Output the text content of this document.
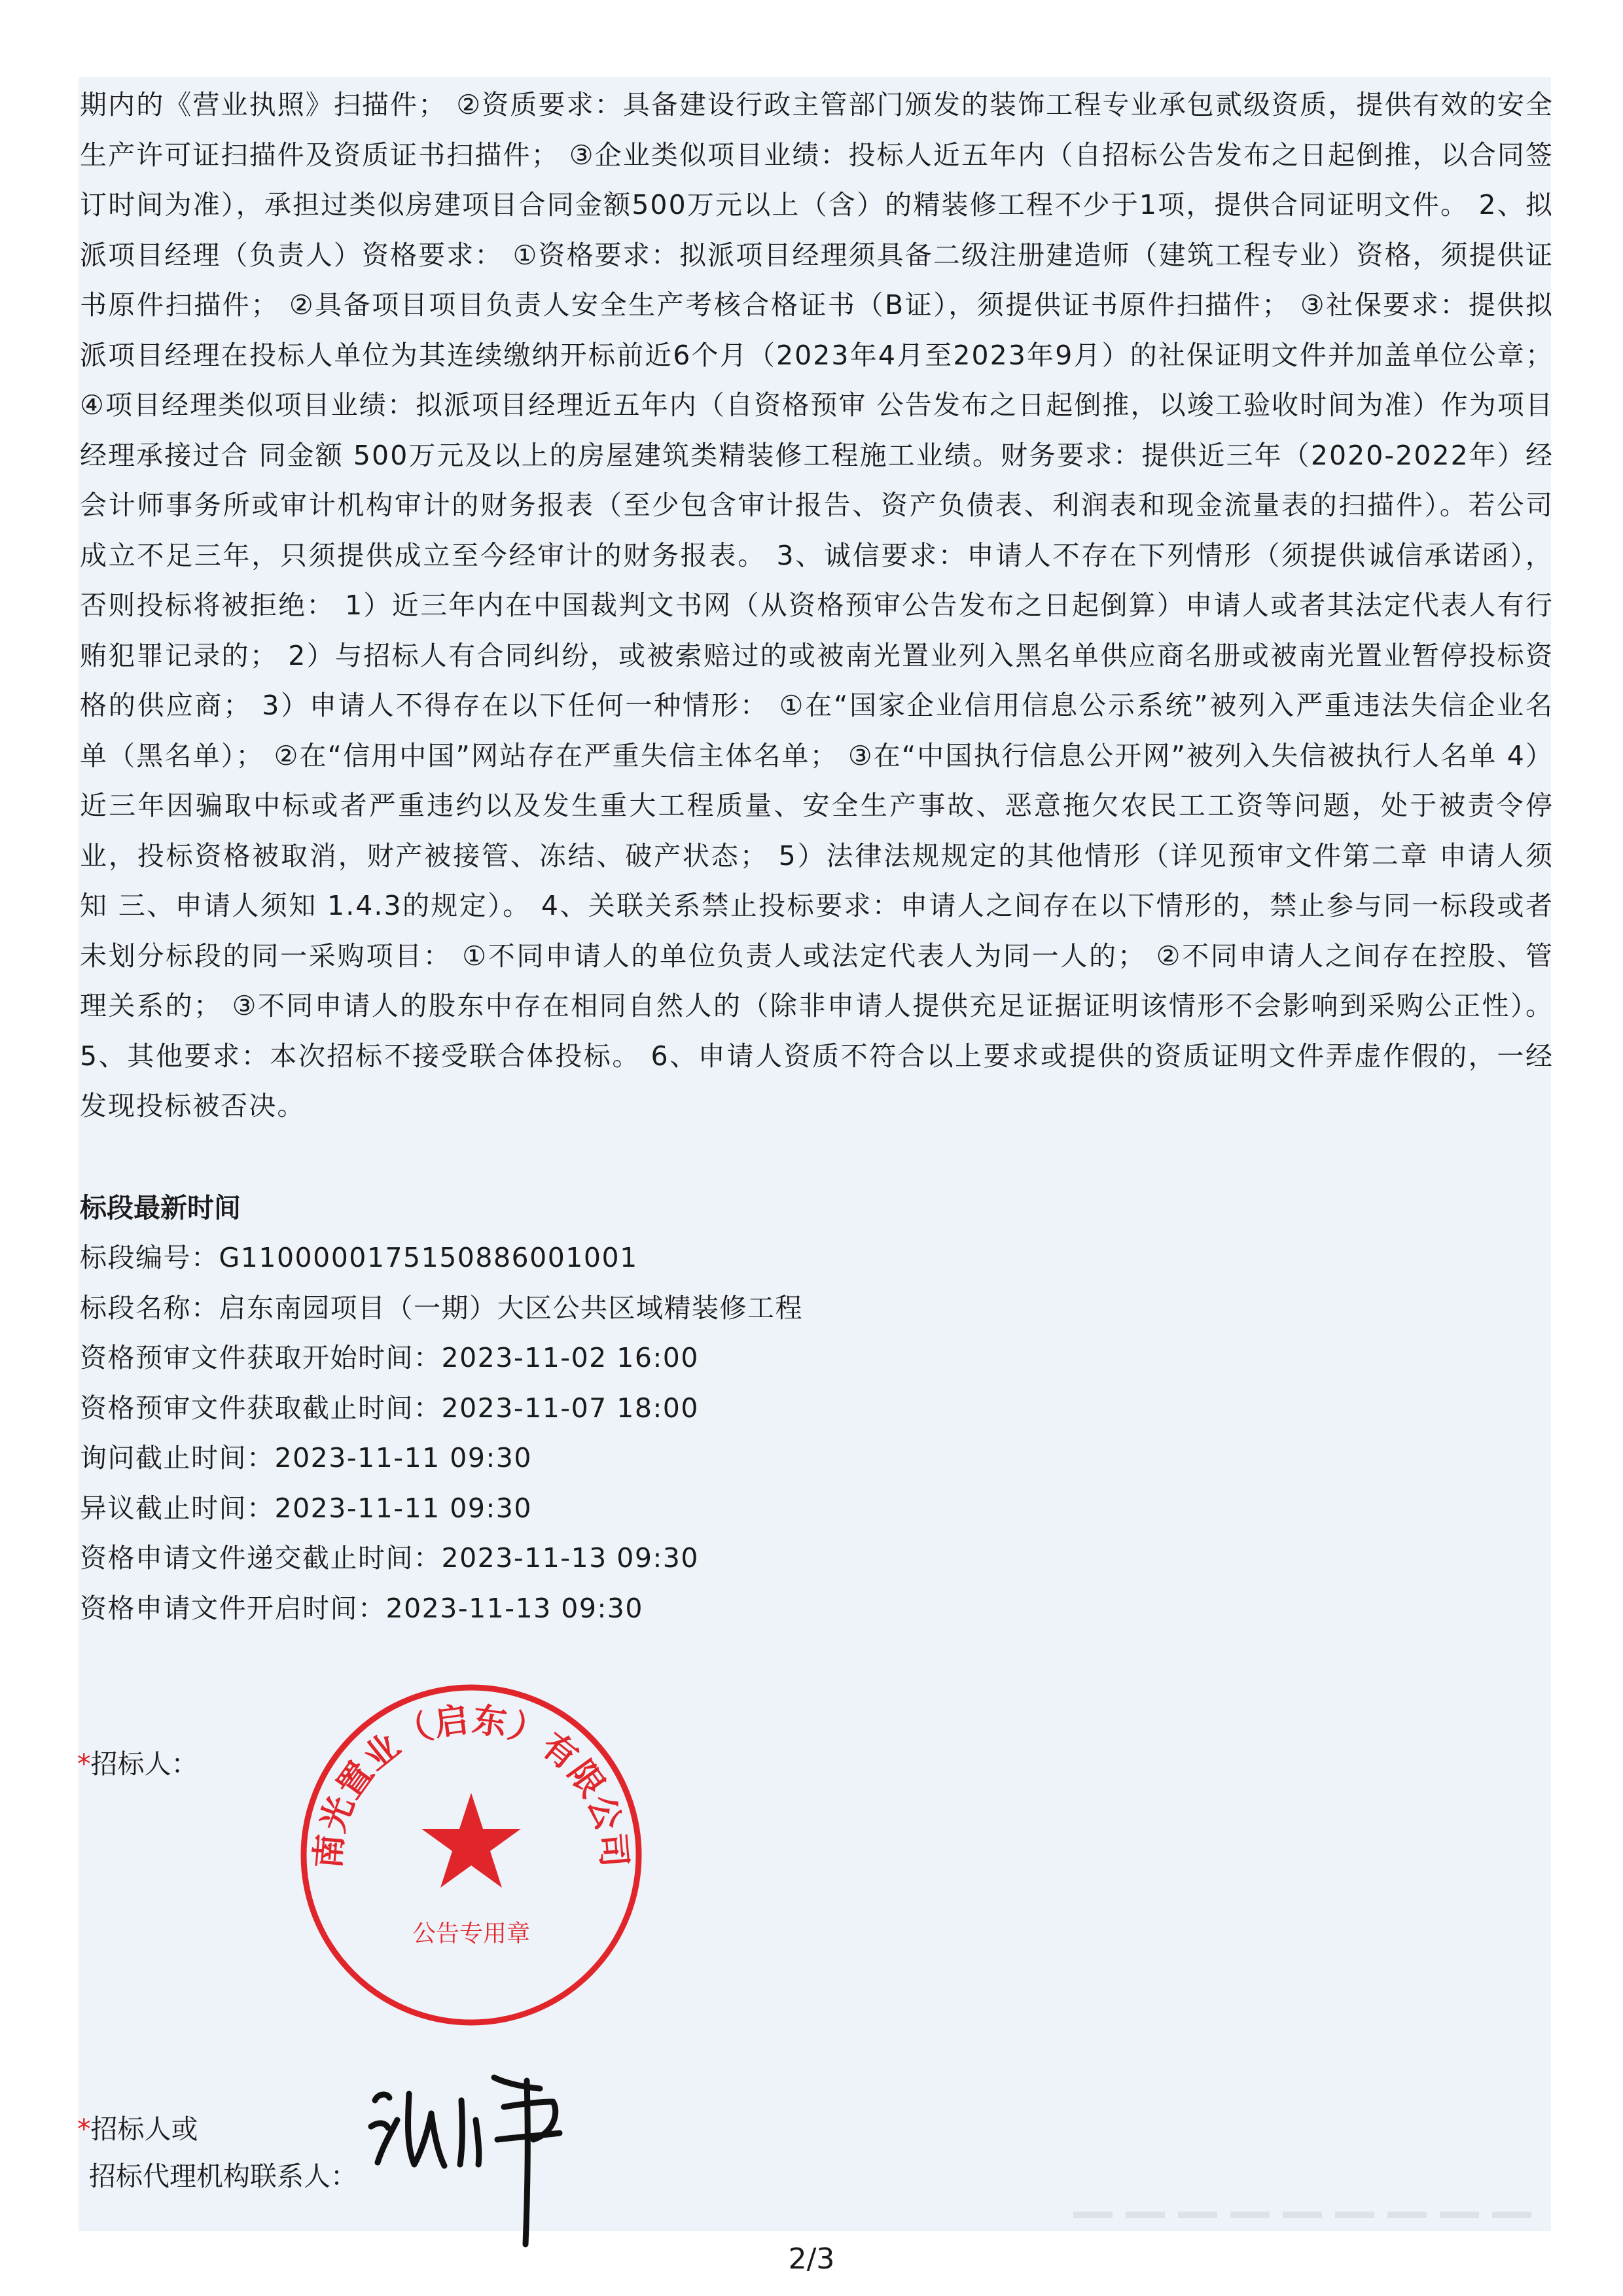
期内的《营业执照》扫描件； ②资质要求：具备建设行政主管部门颁发的装饰工程专业承包贰级资质，提供有效的安全生产许可证扫描件及资质证书扫描件； ③企业类似项目业绩：投标人近五年内（自招标公告发布之日起倒推，以合同签订时间为准），承担过类似房建项目合同金额500万元以上（含）的精装修工程不少于1项，提供合同证明文件。 2、拟派项目经理（负责人）资格要求： ①资格要求：拟派项目经理须具备二级注册建造师（建筑工程专业）资格，须提供证书原件扫描件； ②具备项目项目负责人安全生产考核合格证书（B证），须提供证书原件扫描件； ③社保要求：提供拟派项目经理在投标人单位为其连续缴纳开标前近6个月（2023年4月至2023年9月）的社保证明文件并加盖单位公章； ④项目经理类似项目业绩：拟派项目经理近五年内（自资格预审 公告发布之日起倒推，以竣工验收时间为准）作为项目经理承接过合 同金额 500万元及以上的房屋建筑类精装修工程施工业绩。财务要求：提供近三年（2020-2022年）经会计师事务所或审计机构审计的财务报表（至少包含审计报告、资产负债表、利润表和现金流量表的扫描件）。若公司成立不足三年，只须提供成立至今经审计的财务报表。 3、诚信要求：申请人不存在下列情形（须提供诚信承诺函），否则投标将被拒绝： 1）近三年内在中国裁判文书网（从资格预审公告发布之日起倒算）申请人或者其法定代表人有行贿犯罪记录的； 2）与招标人有合同纠纷，或被索赔过的或被南光置业列入黑名单供应商名册或被南光置业暂停投标资格的供应商； 3）申请人不得存在以下任何一种情形： ①在“国家企业信用信息公示系统”被列入严重违法失信企业名单（黑名单）； ②在“信用中国”网站存在严重失信主体名单； ③在“中国执行信息公开网”被列入失信被执行人名单 4）近三年因骗取中标或者严重违约以及发生重大工程质量、安全生产事故、恶意拖欠农民工工资等问题，处于被责令停业，投标资格被取消，财产被接管、冻结、破产状态； 5）法律法规规定的其他情形（详见预审文件第二章 申请人须知 三、申请人须知 1.4.3的规定）。 4、关联关系禁止投标要求：申请人之间存在以下情形的，禁止参与同一标段或者未划分标段的同一采购项目： ①不同申请人的单位负责人或法定代表人为同一人的； ②不同申请人之间存在控股、管理关系的； ③不同申请人的股东中存在相同自然人的（除非申请人提供充足证据证明该情形不会影响到采购公正性）。 5、其他要求：本次招标不接受联合体投标。 6、申请人资质不符合以上要求或提供的资质证明文件弄虚作假的，一经发现投标被否决。
标段最新时间
标段编号：G1100000175150886001001
标段名称：启东南园项目（一期）大区公共区域精装修工程
资格预审文件获取开始时间：2023-11-02 16:00
资格预审文件获取截止时间：2023-11-07 18:00
询问截止时间：2023-11-11 09:30
异议截止时间：2023-11-11 09:30
资格申请文件递交截止时间：2023-11-13 09:30
资格申请文件开启时间：2023-11-13 09:30
*招标人：
南光置业（启东）有限公司
公告专用章
*招标人或
招标代理机构联系人：
2/3
